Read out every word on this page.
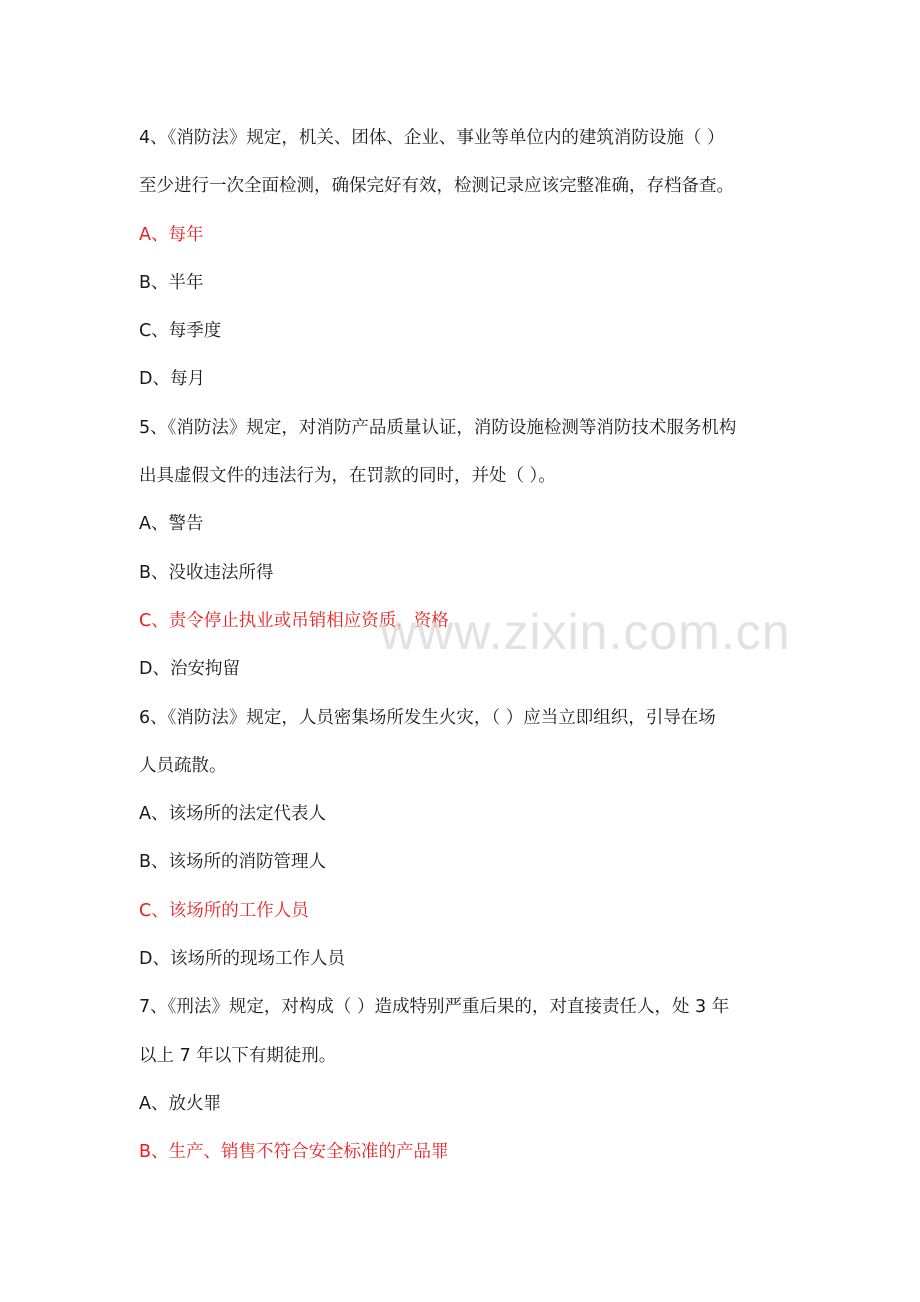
4、《消防法》规定，机关、团体、企业、事业等单位内的建筑消防设施（ ）
至少进行一次全面检测，确保完好有效，检测记录应该完整准确，存档备查。
A、每年
B、半年
C、每季度
D、每月
5、《消防法》规定，对消防产品质量认证，消防设施检测等消防技术服务机构
出具虚假文件的违法行为，在罚款的同时，并处（ ）。
A、警告
B、没收违法所得
C、责令停止执业或吊销相应资质，资格
D、治安拘留
6、《消防法》规定，人员密集场所发生火灾，（ ）应当立即组织，引导在场
人员疏散。
A、该场所的法定代表人
B、该场所的消防管理人
C、该场所的工作人员
D、该场所的现场工作人员
7、《刑法》规定，对构成（ ）造成特别严重后果的，对直接责任人，处 3 年
以上 7 年以下有期徒刑。
A、放火罪
B、生产、销售不符合安全标准的产品罪
www.zixin.com.cn
